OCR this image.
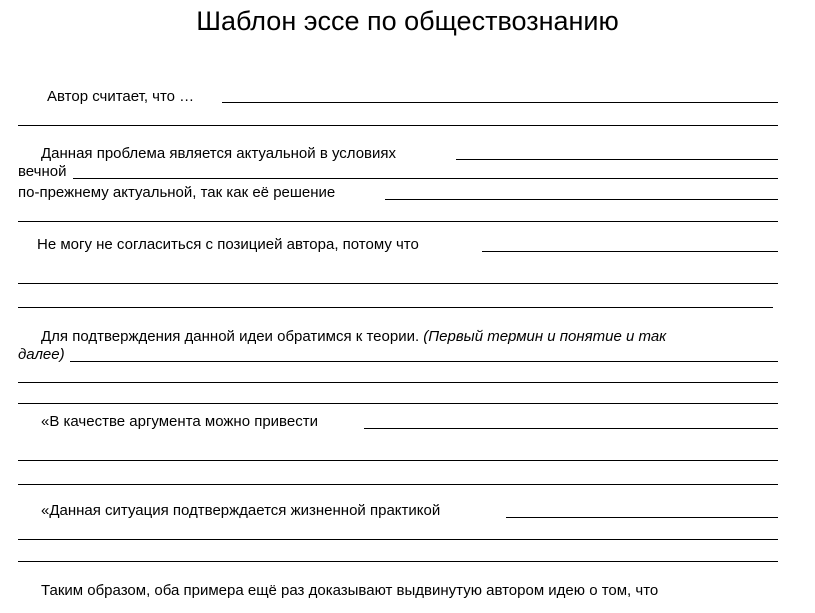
Шаблон эссе по обществознанию
Автор считает, что …
Данная проблема является актуальной в условиях
вечной
по-прежнему актуальной, так как её решение
Не могу не согласиться с позицией автора, потому что
Для подтверждения данной идеи обратимся к теории. (Первый термин и понятие и так
далее)
«В качестве аргумента можно привести
«Данная ситуация подтверждается жизненной практикой
Таким образом, оба примера ещё раз доказывают выдвинутую автором идею о том, что
